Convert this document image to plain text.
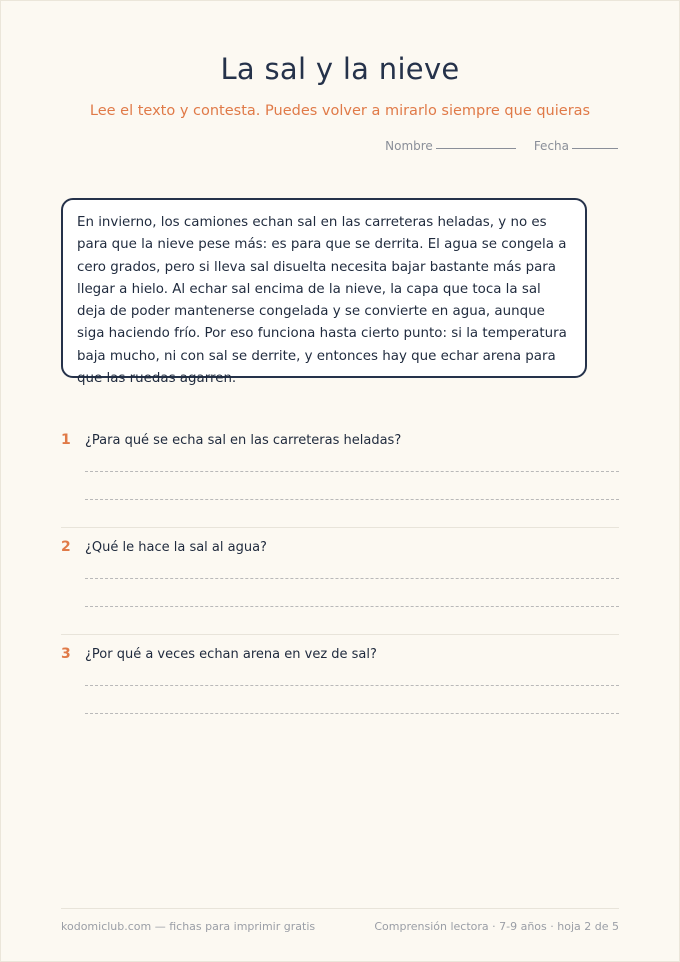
La sal y la nieve

Lee el texto y contesta. Puedes volver a mirarlo siempre que quieras

Nombre	Fecha

En invierno, los camiones echan sal en las carreteras heladas, y no es para que la nieve pese más: es para que se derrita. El agua se congela a cero grados, pero si lleva sal disuelta necesita bajar bastante más para llegar a hielo. Al echar sal encima de la nieve, la capa que toca la sal deja de poder mantenerse congelada y se convierte en agua, aunque siga haciendo frío. Por eso funciona hasta cierto punto: si la temperatura baja mucho, ni con sal se derrite, y entonces hay que echar arena para que las ruedas agarren.

1	¿Para qué se echa sal en las carreteras heladas?
2	¿Qué le hace la sal al agua?
3	¿Por qué a veces echan arena en vez de sal?
kodomiclub.com — fichas para imprimir gratis	Comprensión lectora · 7-9 años · hoja 2 de 5
